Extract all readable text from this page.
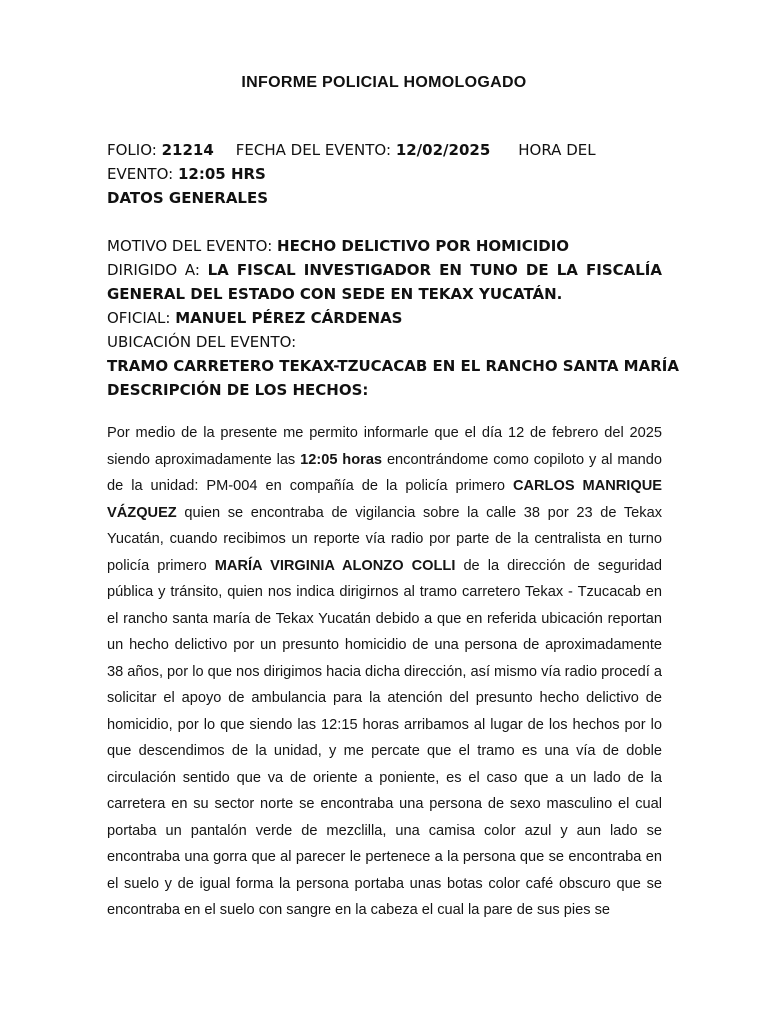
INFORME POLICIAL HOMOLOGADO
FOLIO: 21214 FECHA DEL EVENTO: 12/02/2025 HORA DEL
EVENTO: 12:05 HRS
DATOS GENERALES
MOTIVO DEL EVENTO: HECHO DELICTIVO POR HOMICIDIO
DIRIGIDO A: LA FISCAL INVESTIGADOR EN TUNO DE LA FISCALÍA GENERAL DEL ESTADO CON SEDE EN TEKAX YUCATÁN.
OFICIAL: MANUEL PÉREZ CÁRDENAS
UBICACIÓN DEL EVENTO:
TRAMO CARRETERO TEKAX-TZUCACAB EN EL RANCHO SANTA MARÍA
DESCRIPCIÓN DE LOS HECHOS:
Por medio de la presente me permito informarle que el día 12 de febrero del 2025 siendo aproximadamente las 12:05 horas encontrándome como copiloto y al mando de la unidad: PM-004 en compañía de la policía primero CARLOS MANRIQUE VÁZQUEZ quien se encontraba de vigilancia sobre la calle 38 por 23 de Tekax Yucatán, cuando recibimos un reporte vía radio por parte de la centralista en turno policía primero MARÍA VIRGINIA ALONZO COLLI de la dirección de seguridad pública y tránsito, quien nos indica dirigirnos al tramo carretero Tekax - Tzucacab en el rancho santa maría de Tekax Yucatán debido a que en referida ubicación reportan un hecho delictivo por un presunto homicidio de una persona de aproximadamente 38 años, por lo que nos dirigimos hacia dicha dirección, así mismo vía radio procedí a solicitar el apoyo de ambulancia para la atención del presunto hecho delictivo de homicidio, por lo que siendo las 12:15 horas arribamos al lugar de los hechos por lo que descendimos de la unidad, y me percate que el tramo es una vía de doble circulación sentido que va de oriente a poniente, es el caso que a un lado de la carretera en su sector norte se encontraba una persona de sexo masculino el cual portaba un pantalón verde de mezclilla, una camisa color azul y aun lado se encontraba una gorra que al parecer le pertenece a la persona que se encontraba en el suelo y de igual forma la persona portaba unas botas color café obscuro que se encontraba en el suelo con sangre en la cabeza el cual la pare de sus pies se
